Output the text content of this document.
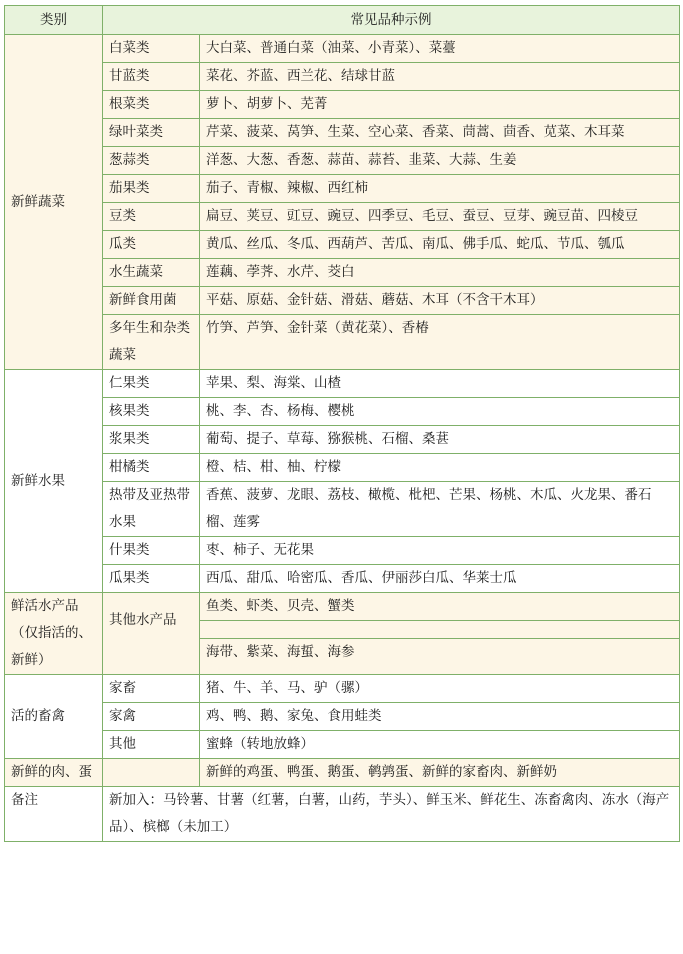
类别	常见品种示例	
新鲜蔬菜	白菜类	大白菜、普通白菜（油菜、小青菜）、菜薹
	甘蓝类	菜花、芥蓝、西兰花、结球甘蓝
	根菜类	萝卜、胡萝卜、芜菁
	绿叶菜类	芹菜、菠菜、莴笋、生菜、空心菜、香菜、茼蒿、茴香、苋菜、木耳菜
	葱蒜类	洋葱、大葱、香葱、蒜苗、蒜苔、韭菜、大蒜、生姜
	茄果类	茄子、青椒、辣椒、西红柿
	豆类	扁豆、荚豆、豇豆、豌豆、四季豆、毛豆、蚕豆、豆芽、豌豆苗、四棱豆
	瓜类	黄瓜、丝瓜、冬瓜、西葫芦、苦瓜、南瓜、佛手瓜、蛇瓜、节瓜、瓠瓜
	水生蔬菜	莲藕、荸荠、水芹、茭白
	新鲜食用菌	平菇、原菇、金针菇、滑菇、蘑菇、木耳（不含干木耳）
	多年生和杂类蔬菜	竹笋、芦笋、金针菜（黄花菜）、香椿
新鲜水果	仁果类	苹果、梨、海棠、山楂
	核果类	桃、李、杏、杨梅、樱桃
	浆果类	葡萄、提子、草莓、猕猴桃、石榴、桑葚
	柑橘类	橙、桔、柑、柚、柠檬
	热带及亚热带水果	香蕉、菠萝、龙眼、荔枝、橄榄、枇杷、芒果、杨桃、木瓜、火龙果、番石榴、莲雾
	什果类	枣、柿子、无花果
	瓜果类	西瓜、甜瓜、哈密瓜、香瓜、伊丽莎白瓜、华莱士瓜
鲜活水产品（仅指活的、新鲜）	其他水产品	鱼类、虾类、贝壳、蟹类

		海带、紫菜、海蜇、海参
活的畜禽	家畜	猪、牛、羊、马、驴（骡）
	家禽	鸡、鸭、鹅、家兔、食用蛙类
	其他	蜜蜂（转地放蜂）
新鲜的肉、蛋		新鲜的鸡蛋、鸭蛋、鹅蛋、鹌鹑蛋、新鲜的家畜肉、新鲜奶
备注	新加入：马铃薯、甘薯（红薯，白薯，山药，芋头）、鲜玉米、鲜花生、冻畜禽肉、冻水（海产品）、槟榔（未加工）	
